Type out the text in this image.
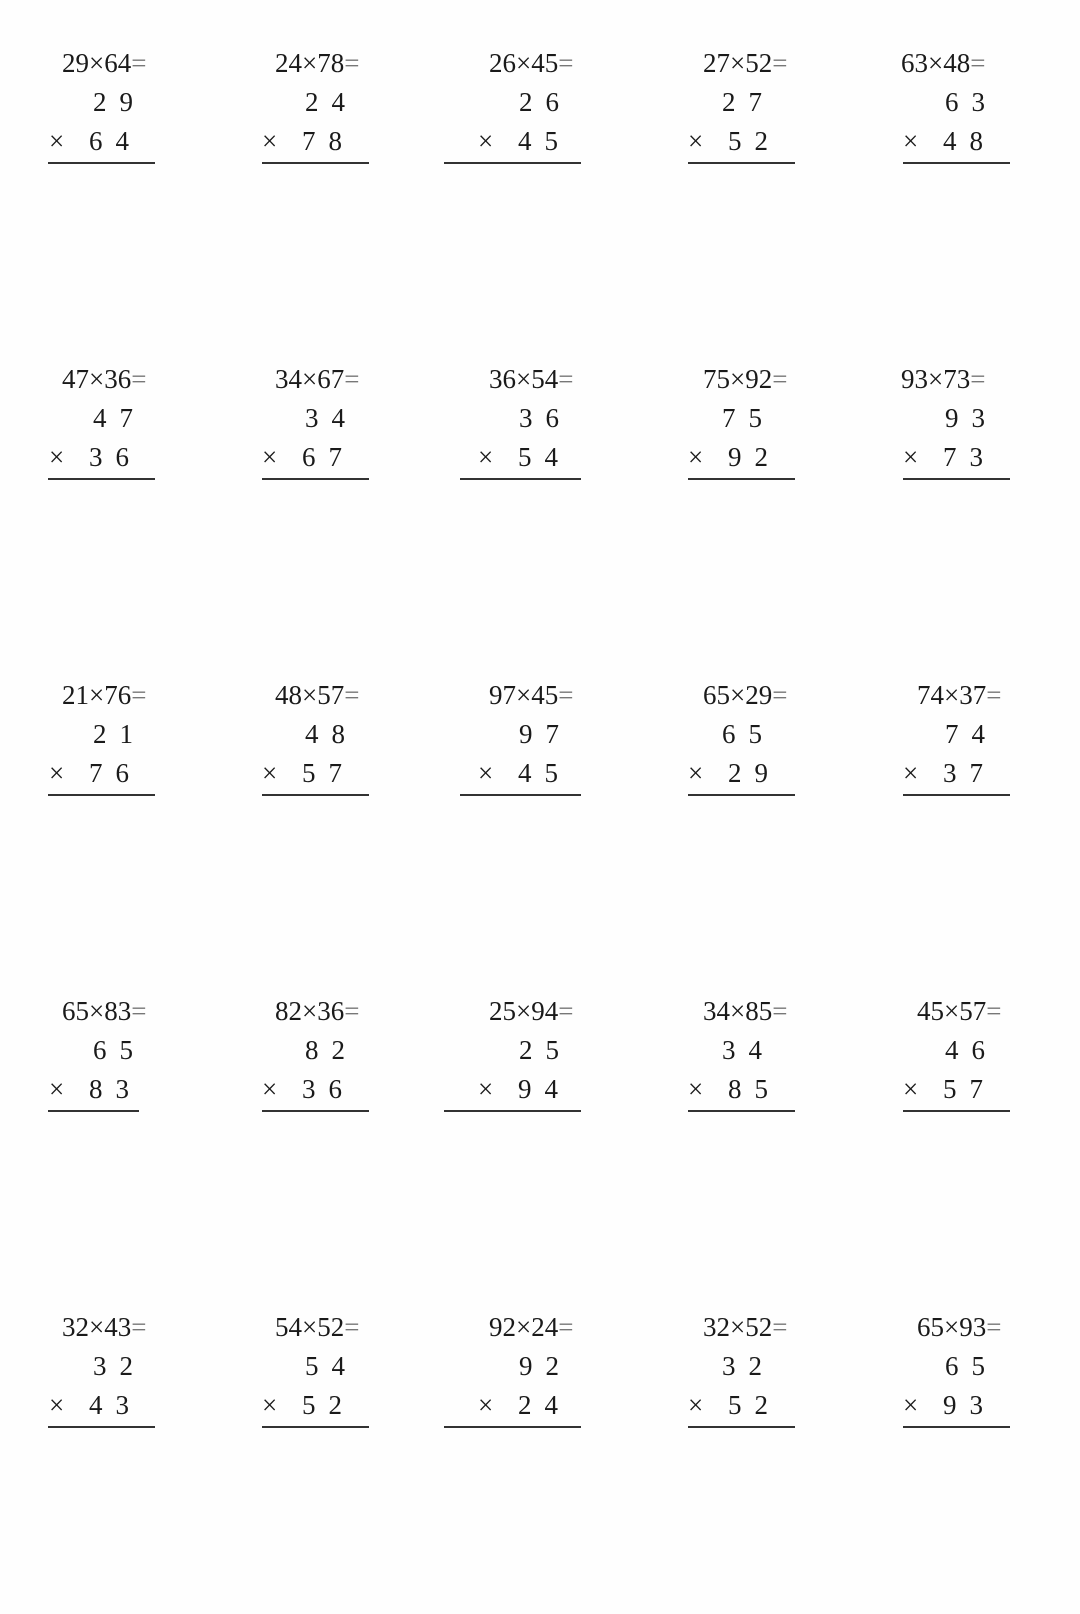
29×64=
29
× 64
24×78=
24
× 78
26×45=
26
× 45
27×52=
27
× 52
63×48=
63
× 48
47×36=
47
× 36
34×67=
34
× 67
36×54=
36
× 54
75×92=
75
× 92
93×73=
93
× 73
21×76=
21
× 76
48×57=
48
× 57
97×45=
97
× 45
65×29=
65
× 29
74×37=
74
× 37
65×83=
65
× 83
82×36=
82
× 36
25×94=
25
× 94
34×85=
34
× 85
45×57=
46
× 57
32×43=
32
× 43
54×52=
54
× 52
92×24=
92
× 24
32×52=
32
× 52
65×93=
65
× 93
